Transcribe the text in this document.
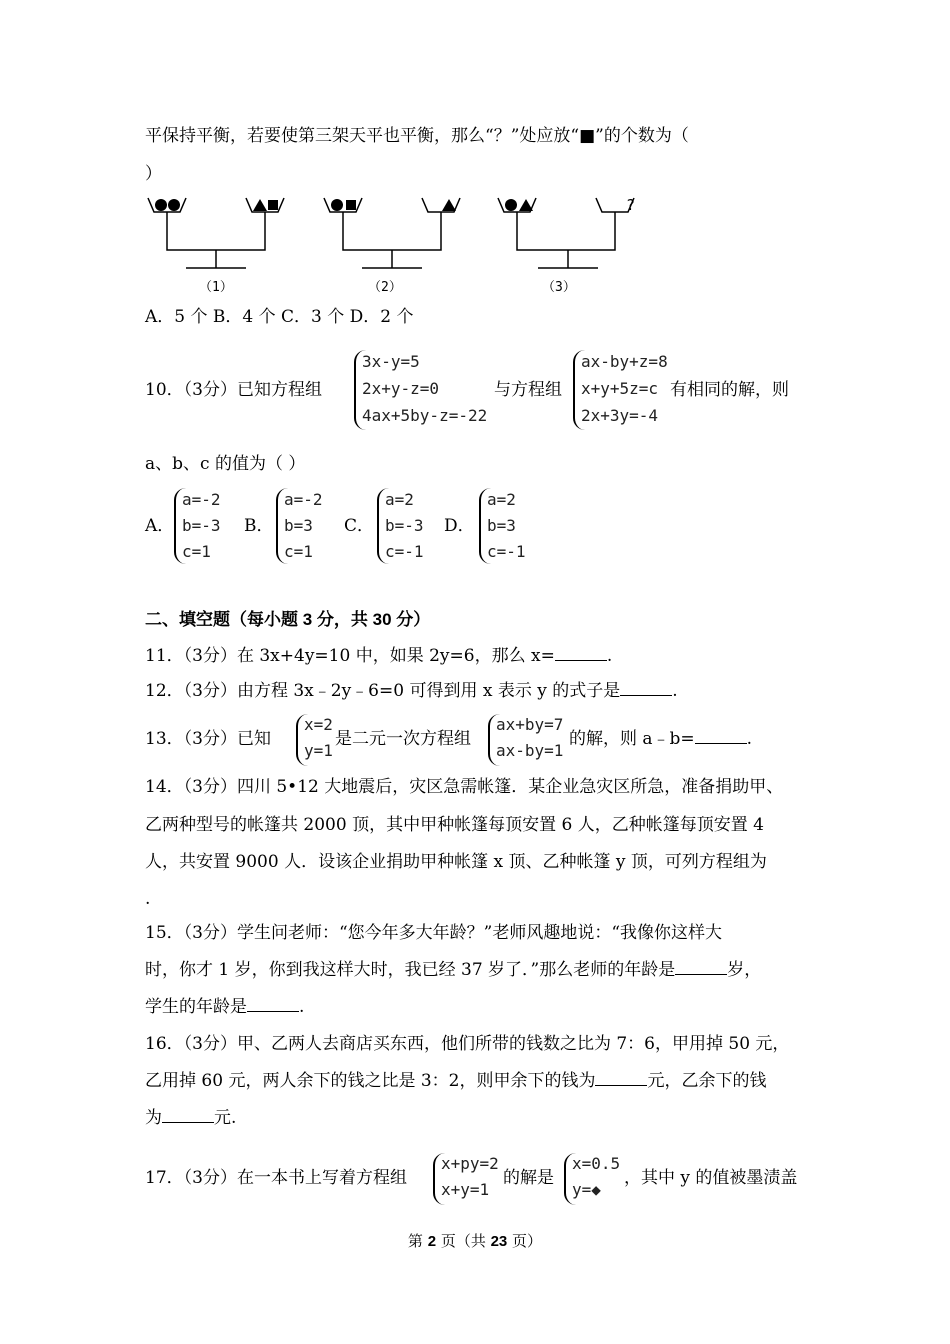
平保持平衡，若要使第三架天平也平衡，那么“？”处应放“■”的个数为（
）
?
（1）	（2）	（3）
A．5 个 B．4 个 C．3 个 D．2 个
10．（3分）已知方程组
3x-y=5
2x+y-z=0
4ax+5by-z=-22
与方程组
ax-by+z=8
x+y+5z=c
2x+3y=-4
有相同的解，则
a、b、c 的值为（ ）
A．
a=-2
b=-3
c=1
B．
a=-2
b=3
c=1
C．
a=2
b=-3
c=-1
D．
a=2
b=3
c=-1
二、填空题（每小题 3 分，共 30 分）
11．（3分）在 3x+4y=10 中，如果 2y=6，那么 x=	.
12．（3分）由方程 3x﹣2y﹣6=0 可得到用 x 表示 y 的式子是	.
13．（3分）已知
x=2
y=1
是二元一次方程组
ax+by=7
ax-by=1
的解，则 a﹣b=	.
14．（3分）四川 5•12 大地震后，灾区急需帐篷．某企业急灾区所急，准备捐助甲、
乙两种型号的帐篷共 2000 顶，其中甲种帐篷每顶安置 6 人，乙种帐篷每顶安置 4
人，共安置 9000 人．设该企业捐助甲种帐篷 x 顶、乙种帐篷 y 顶，可列方程组为
.
15．（3分）学生问老师：“您今年多大年龄？”老师风趣地说：“我像你这样大
时，你才 1 岁，你到我这样大时，我已经 37 岁了．”那么老师的年龄是	岁，
学生的年龄是	.
16．（3分）甲、乙两人去商店买东西，他们所带的钱数之比为 7：6，甲用掉 50 元，
乙用掉 60 元，两人余下的钱之比是 3：2，则甲余下的钱为	元，乙余下的钱
为	元.
17．（3分）在一本书上写着方程组
x+py=2
x+y=1
的解是
x=0.5
y=◆
，其中 y 的值被墨渍盖
第 2 页（共 23 页）
